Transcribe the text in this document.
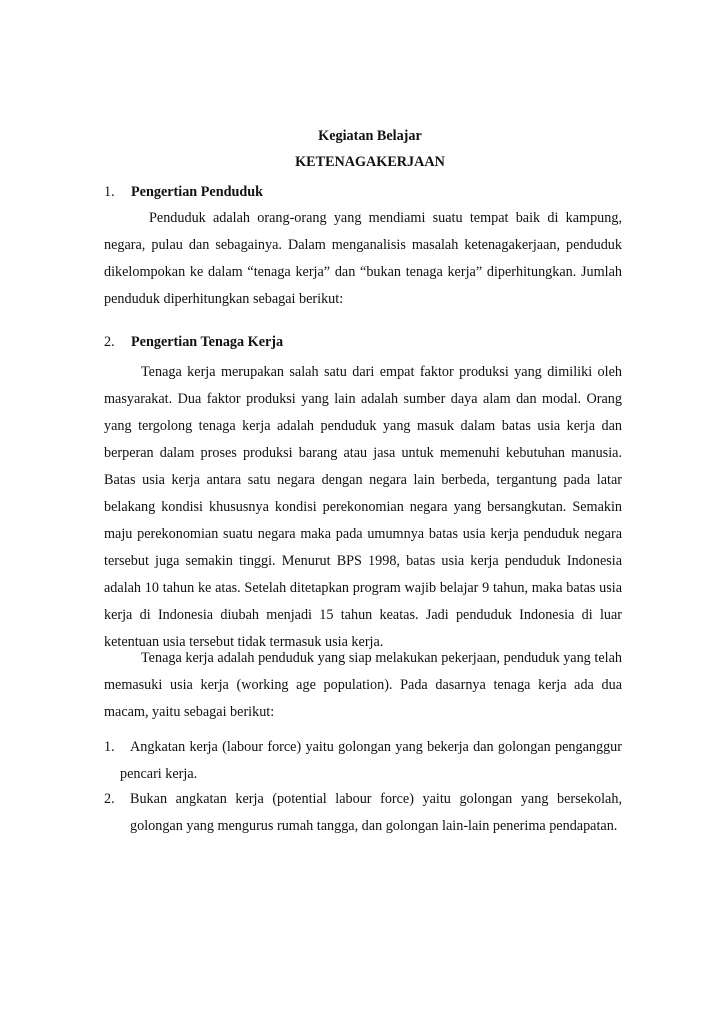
Kegiatan Belajar
KETENAGAKERJAAN
1. Pengertian Penduduk

Penduduk adalah orang-orang yang mendiami suatu tempat baik di kampung, negara, pulau dan sebagainya. Dalam menganalisis masalah ketenagakerjaan, penduduk dikelompokan ke dalam “tenaga kerja” dan “bukan tenaga kerja” diperhitungkan. Jumlah penduduk diperhitungkan sebagai berikut:

2. Pengertian Tenaga Kerja

Tenaga kerja merupakan salah satu dari empat faktor produksi yang dimiliki oleh masyarakat. Dua faktor produksi yang lain adalah sumber daya alam dan modal. Orang yang tergolong tenaga kerja adalah penduduk yang masuk dalam batas usia kerja dan berperan dalam proses produksi barang atau jasa untuk memenuhi kebutuhan manusia. Batas usia kerja antara satu negara dengan negara lain berbeda, tergantung pada latar belakang kondisi khususnya kondisi perekonomian negara yang bersangkutan. Semakin maju perekonomian suatu negara maka pada umumnya batas usia kerja penduduk negara tersebut juga semakin tinggi. Menurut BPS 1998, batas usia kerja penduduk Indonesia adalah 10 tahun ke atas. Setelah ditetapkan program wajib belajar 9 tahun, maka batas usia kerja di Indonesia diubah menjadi 15 tahun keatas. Jadi penduduk Indonesia di luar ketentuan usia tersebut tidak termasuk usia kerja.

Tenaga kerja adalah penduduk yang siap melakukan pekerjaan, penduduk yang telah memasuki usia kerja (working age population). Pada dasarnya tenaga kerja ada dua macam, yaitu sebagai berikut:

1.	Angkatan kerja (labour force) yaitu golongan yang bekerja dan golongan penganggur pencari kerja.
2. Bukan angkatan kerja (potential labour force) yaitu golongan yang bersekolah, golongan yang mengurus rumah tangga, dan golongan lain-lain penerima pendapatan.
